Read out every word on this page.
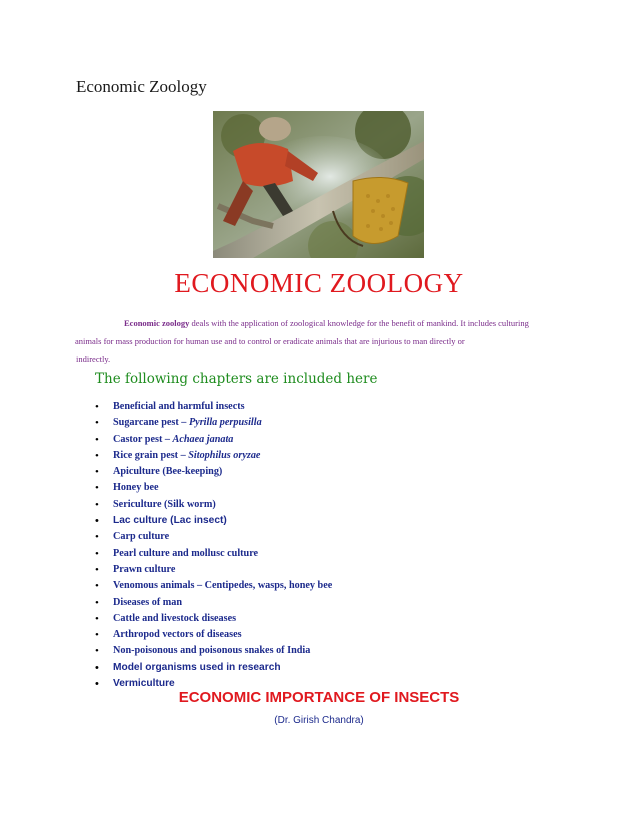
Economic Zoology
ECONOMIC ZOOLOGY
Economic zoology deals with the application of zoological knowledge for the benefit of mankind. It includes culturing
animals for mass production for human use and to control or eradicate animals that are injurious to man directly or
indirectly.
The following chapters are included here
• Beneficial and harmful insects
• Sugarcane pest – Pyrilla perpusilla
• Castor pest – Achaea janata
• Rice grain pest – Sitophilus oryzae
• Apiculture (Bee-keeping)
• Honey bee
• Sericulture (Silk worm)
• Lac culture (Lac insect)
• Carp culture
• Pearl culture and mollusc culture
• Prawn culture
• Venomous animals – Centipedes, wasps, honey bee
• Diseases of man
• Cattle and livestock diseases
• Arthropod vectors of diseases
• Non-poisonous and poisonous snakes of India
• Model organisms used in research
• Vermiculture
ECONOMIC IMPORTANCE OF INSECTS
(Dr. Girish Chandra)
